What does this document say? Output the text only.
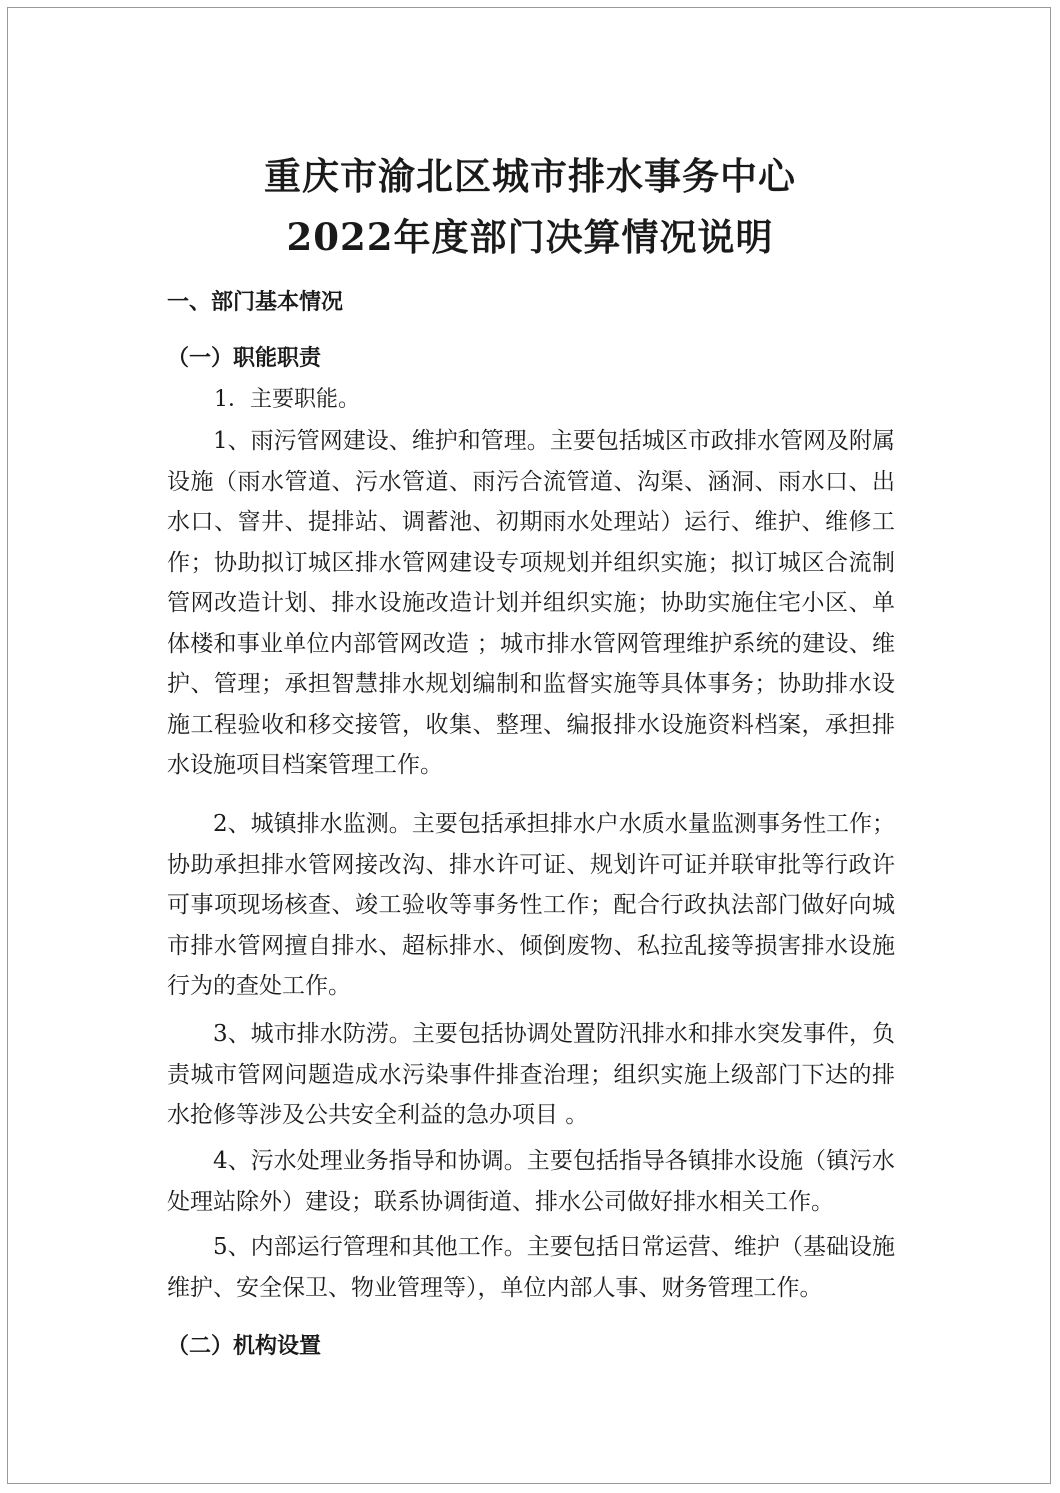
重庆市渝北区城市排水事务中心
2022年度部门决算情况说明
一、部门基本情况
（一）职能职责
1．主要职能。

1、雨污管网建设、维护和管理。主要包括城区市政排水管网及附属设施（雨水管道、污水管道、雨污合流管道、沟渠、涵洞、雨水口、出水口、窨井、提排站、调蓄池、初期雨水处理站）运行、维护、维修工作；协助拟订城区排水管网建设专项规划并组织实施；拟订城区合流制管网改造计划、排水设施改造计划并组织实施；协助实施住宅小区、单体楼和事业单位内部管网改造 ；城市排水管网管理维护系统的建设、维护、管理；承担智慧排水规划编制和监督实施等具体事务；协助排水设施工程验收和移交接管，收集、整理、编报排水设施资料档案，承担排水设施项目档案管理工作。

2、城镇排水监测。主要包括承担排水户水质水量监测事务性工作；协助承担排水管网接改沟、排水许可证、规划许可证并联审批等行政许可事项现场核查、竣工验收等事务性工作；配合行政执法部门做好向城市排水管网擅自排水、超标排水、倾倒废物、私拉乱接等损害排水设施行为的查处工作。

3、城市排水防涝。主要包括协调处置防汛排水和排水突发事件，负责城市管网问题造成水污染事件排查治理；组织实施上级部门下达的排水抢修等涉及公共安全利益的急办项目 。

4、污水处理业务指导和协调。主要包括指导各镇排水设施（镇污水处理站除外）建设；联系协调街道、排水公司做好排水相关工作。

5、内部运行管理和其他工作。主要包括日常运营、维护（基础设施维护、安全保卫、物业管理等），单位内部人事、财务管理工作。

（二）机构设置
